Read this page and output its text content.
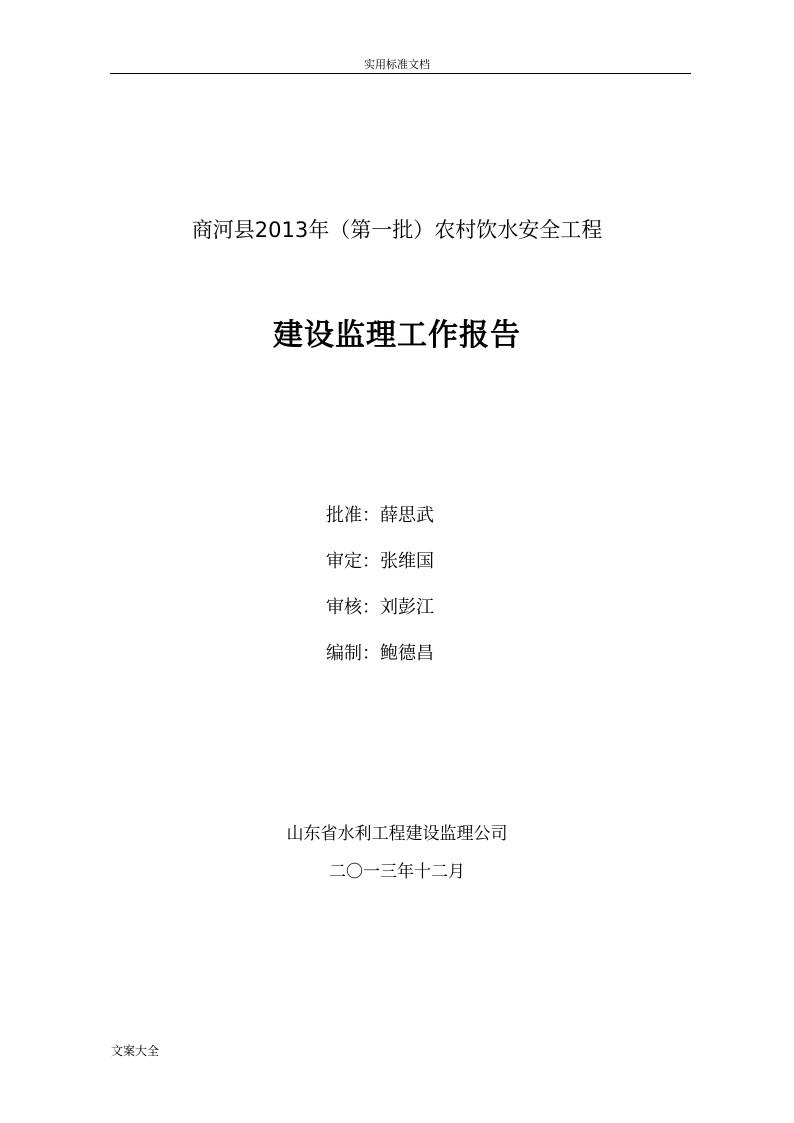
实用标准文档
商河县2013年（第一批）农村饮水安全工程
建设监理工作报告
批准：薛思武
审定：张维国
审核：刘彭江
编制：鲍德昌
山东省水利工程建设监理公司
二〇一三年十二月
文案大全
